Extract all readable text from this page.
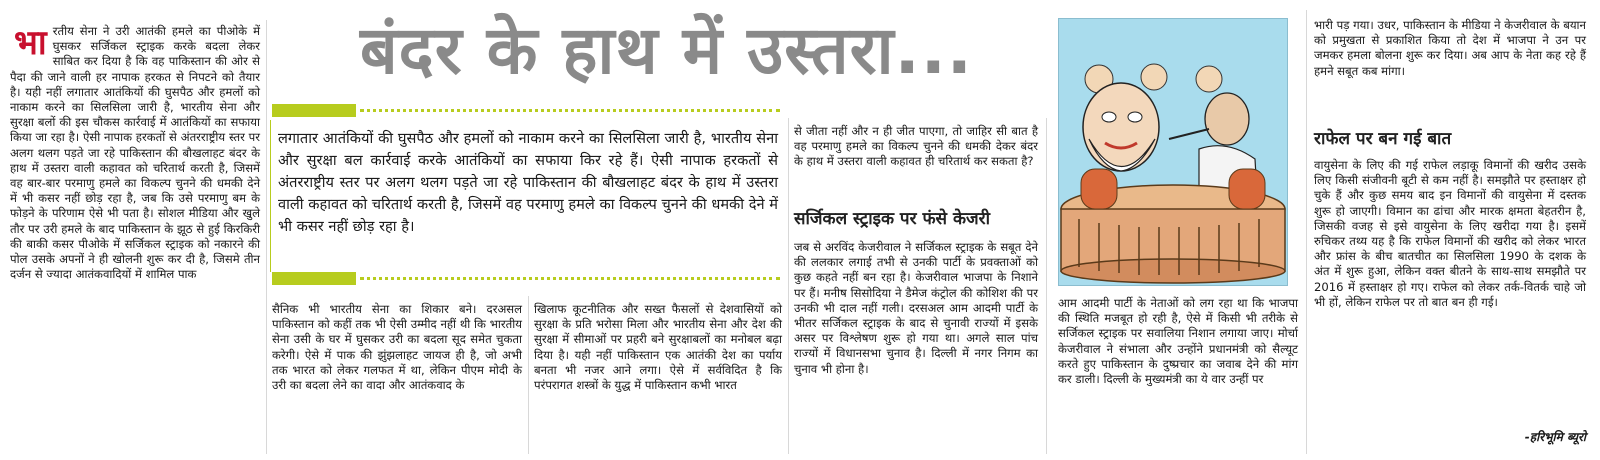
भा रतीय सेना ने उरी आतंकी हमले का पीओके में घुसकर सर्जिकल स्ट्राइक करके बदला लेकर साबित कर दिया है कि वह पाकिस्तान की ओर से पैदा की जाने वाली हर नापाक हरकत से निपटने को तैयार है। यही नहीं लगातार आतंकियों की घुसपैठ और हमलों को नाकाम करने का सिलसिला जारी है, भारतीय सेना और सुरक्षा बलों की इस चौकस कार्रवाई में आतंकियों का सफाया किया जा रहा है। ऐसी नापाक हरकतों से अंतरराष्ट्रीय स्तर पर अलग थलग पड़ते जा रहे पाकिस्तान की बौखलाहट बंदर के हाथ में उस्तरा वाली कहावत को चरितार्थ करती है, जिसमें वह बार-बार परमाणु हमले का विकल्प चुनने की धमकी देने में भी कसर नहीं छोड़ रहा है, जब कि उसे परमाणु बम के फोड़ने के परिणाम ऐसे भी पता है। सोशल मीडिया और खुले तौर पर उरी हमले के बाद पाकिस्तान के झूठ से हुई किरकिरी की बाकी कसर पीओके में सर्जिकल स्ट्राइक को नकारने की पोल उसके अपनों ने ही खोलनी शुरू कर दी है, जिसमे तीन दर्जन से ज्यादा आतंकवादियों में शामिल पाक

बंदर के हाथ में उस्तरा...
लगातार आतंकियों की घुसपैठ और हमलों को नाकाम करने का सिलसिला जारी है, भारतीय सेना और सुरक्षा बल कार्रवाई करके आतंकियों का सफाया किर रहे हैं। ऐसी नापाक हरकतों से अंतरराष्ट्रीय स्तर पर अलग थलग पड़ते जा रहे पाकिस्तान की बौखलाहट बंदर के हाथ में उस्तरा वाली कहावत को चरितार्थ करती है, जिसमें वह परमाणु हमले का विकल्प चुनने की धमकी देने में भी कसर नहीं छोड़ रहा है।

सैनिक भी भारतीय सेना का शिकार बने। दरअसल पाकिस्तान को कहीं तक भी ऐसी उम्मीद नहीं थी कि भारतीय सेना उसी के घर में घुसकर उरी का बदला सूद समेत चुकता करेगी। ऐसे में पाक की झुंझलाहट जायज ही है, जो अभी तक भारत को लेकर गलफत में था, लेकिन पीएम मोदी के उरी का बदला लेने का वादा और आतंकवाद के

खिलाफ कूटनीतिक और सख्त फैसलों से देशवासियों को सुरक्षा के प्रति भरोसा मिला और भारतीय सेना और देश की सुरक्षा में सीमाओं पर प्रहरी बने सुरक्षाबलों का मनोबल बढ़ा दिया है। यही नहीं पाकिस्तान एक आतंकी देश का पर्याय बनता भी नजर आने लगा। ऐसे में सर्वविदित है कि परंपरागत शस्त्रों के युद्ध में पाकिस्तान कभी भारत

से जीता नहीं और न ही जीत पाएगा, तो जाहिर सी बात है वह परमाणु हमले का विकल्प चुनने की धमकी देकर बंदर के हाथ में उस्तरा वाली कहावत ही चरितार्थ कर सकता है?

सर्जिकल स्ट्राइक पर फंसे केजरी

जब से अरविंद केजरीवाल ने सर्जिकल स्ट्राइक के सबूत देने की ललकार लगाई तभी से उनकी पार्टी के प्रवक्ताओं को कुछ कहते नहीं बन रहा है। केजरीवाल भाजपा के निशाने पर हैं। मनीष सिसोदिया ने डैमेज कंट्रोल की कोशिश की पर उनकी भी दाल नहीं गली। दरसअल आम आदमी पार्टी के भीतर सर्जिकल स्ट्राइक के बाद से चुनावी राज्यों में इसके असर पर विश्लेषण शुरू हो गया था। अगले साल पांच राज्यों में विधानसभा चुनाव है। दिल्ली में नगर निगम का चुनाव भी होना है।

आम आदमी पार्टी के नेताओं को लग रहा था कि भाजपा की स्थिति मजबूत हो रही है, ऐसे में किसी भी तरीके से सर्जिकल स्ट्राइक पर सवालिया निशान लगाया जाए। मोर्चा केजरीवाल ने संभाला और उन्होंने प्रधानमंत्री को सैल्यूट करते हुए पाकिस्तान के दुष्प्रचार का जवाब देने की मांग कर डाली। दिल्ली के मुख्यमंत्री का ये वार उन्हीं पर

भारी पड़ गया। उधर, पाकिस्तान के मीडिया ने केजरीवाल के बयान को प्रमुखता से प्रकाशित किया तो देश में भाजपा ने उन पर जमकर हमला बोलना शुरू कर दिया। अब आप के नेता कह रहे हैं हमने सबूत कब मांगा।

राफेल पर बन गई बात

वायुसेना के लिए की गई राफेल लड़ाकू विमानों की खरीद उसके लिए किसी संजीवनी बूटी से कम नहीं है। समझौते पर हस्ताक्षर हो चुके हैं और कुछ समय बाद इन विमानों की वायुसेना में दस्तक शुरू हो जाएगी। विमान का ढांचा और मारक क्षमता बेहतरीन है, जिसकी वजह से इसे वायुसेना के लिए खरीदा गया है। इसमें रुचिकर तथ्य यह है कि राफेल विमानों की खरीद को लेकर भारत और फ्रांस के बीच बातचीत का सिलसिला 1990 के दशक के अंत में शुरू हुआ, लेकिन वक्त बीतने के साथ-साथ समझौते पर 2016 में हस्ताक्षर हो गए। राफेल को लेकर तर्क-वितर्क चाहे जो भी हों, लेकिन राफेल पर तो बात बन ही गई।

-हरिभूमि ब्यूरो
